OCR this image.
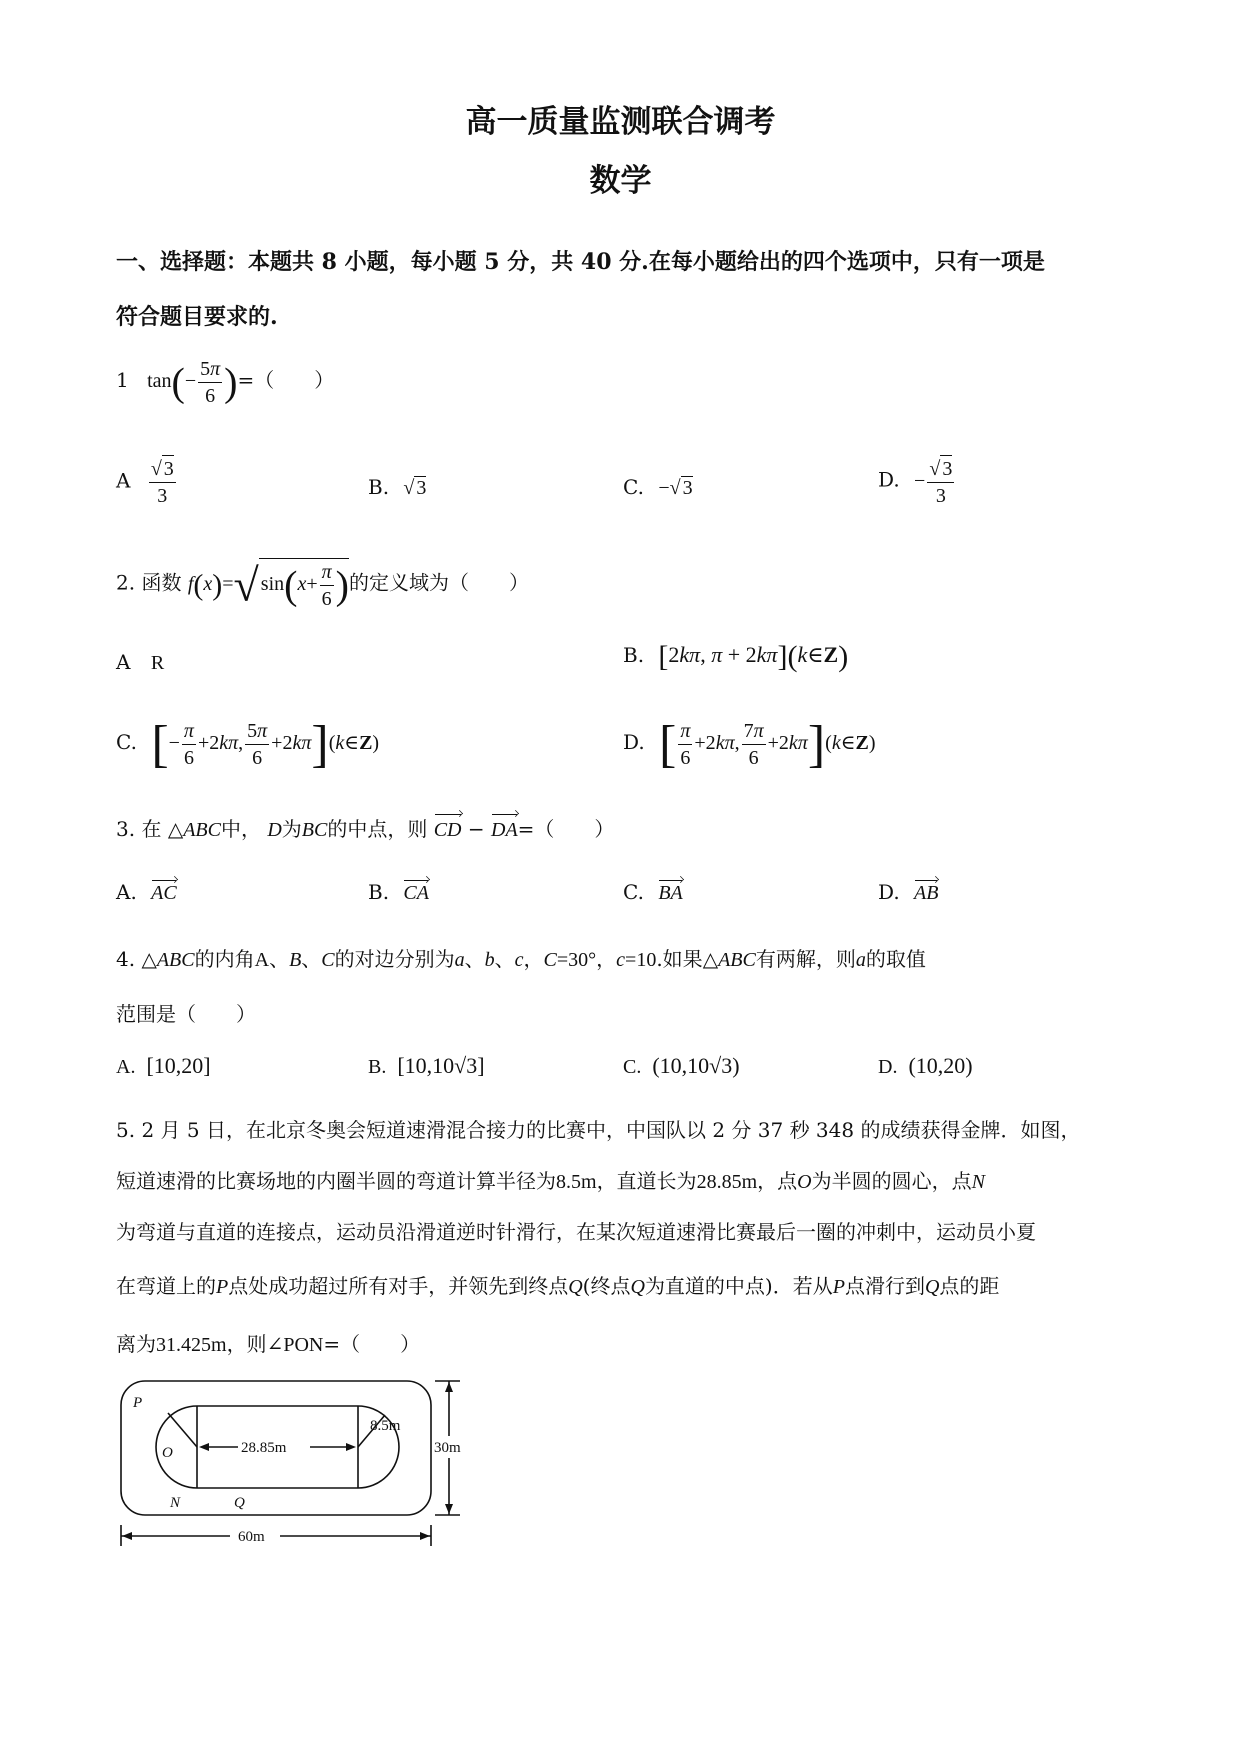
高一质量监测联合调考
数学
一、选择题：本题共 8 小题，每小题 5 分，共 40 分.在每小题给出的四个选项中，只有一项是
符合题目要求的.
1 $\tan(- \frac{5\pi}{6}$ )=（　　）
A $\frac{√ 3}{3}$	B. √ 3	C. −√ 3	D. − $\frac{√ 3}{3}$
2. 函数 f(x)=√ $\sin(x+ \frac{\pi}{6}$ )的定义域为（　　）
A R	B. [2kπ, π + 2kπ](k∈Z)
C. [− $\frac{\pi}{6} +2k\pi$, $\frac{5\pi}{6}$ +2kπ](k∈Z)	D. [ $\frac{\pi}{6} +2k\pi$, $\frac{7\pi}{6}$ +2kπ](k∈Z)
3. 在 △ABC中， D为BC的中点，则 CD − DA=（　　）
A. AC	B. CA	C. BA	D. AB
4. △ABC的内角A、B、C的对边分别为a、b、c，C=30°，c=10.如果△ABC有两解，则a的取值
范围是（　　）
A. [10,20]	B. [10,10√3]	C. (10,10√3)	D. (10,20)
5. 2 月 5 日，在北京冬奥会短道速滑混合接力的比赛中，中国队以 2 分 37 秒 348 的成绩获得金牌．如图，
短道速滑的比赛场地的内圈半圆的弯道计算半径为8.5m，直道长为28.85m，点O为半圆的圆心，点N
为弯道与直道的连接点，运动员沿滑道逆时针滑行，在某次短道速滑比赛最后一圈的冲刺中，运动员小夏
在弯道上的P点处成功超过所有对手，并领先到终点Q(终点Q为直道的中点)．若从P点滑行到Q点的距
离为31.425m，则∠PON=（　　）
P
O
N	Q
28.85m
8.5m
30m
60m
